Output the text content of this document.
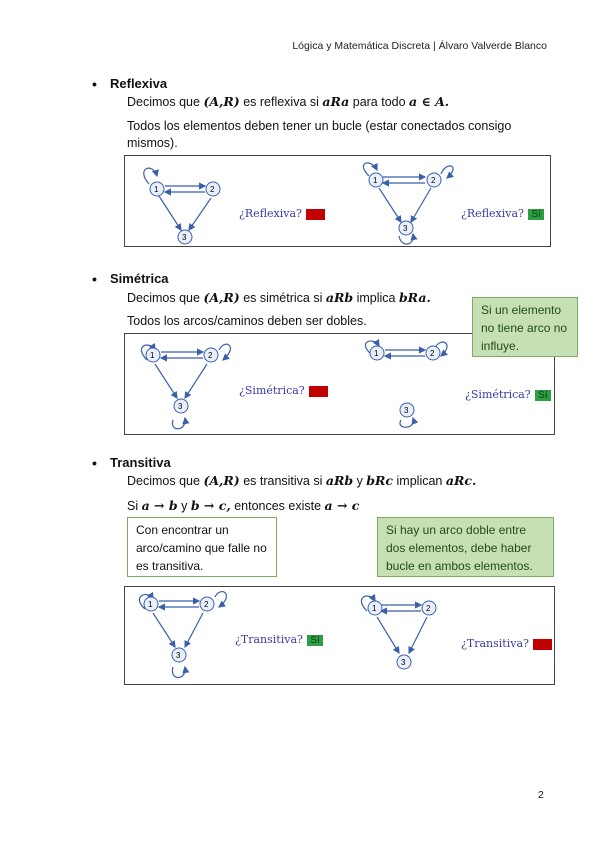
Lógica y Matemática Discreta | Álvaro Valverde Blanco
• Reflexiva
Decimos que (A,R) es reflexiva si aRa para todo a ∈ A.
Todos los elementos deben tener un bucle (estar conectados consigo mismos).
1	2
3
1	2
3
¿Reflexiva? No	¿Reflexiva? Sí
• Simétrica
Decimos que (A,R) es simétrica si aRb implica bRa.
Todos los arcos/caminos deben ser dobles.
1	2
3
1	2
3
¿Simétrica? No	¿Simétrica? Sí
Si un elemento no tiene arco no influye.
• Transitiva
Decimos que (A,R) es transitiva si aRb y bRc implican aRc.
Si a → b y b → c, entonces existe a → c
Con encontrar un arco/camino que falle no es transitiva.
Si hay un arco doble entre dos elementos, debe haber bucle en ambos elementos.
1	2
3
1	2
3
¿Transitiva? Sí	¿Transitiva? No
2
